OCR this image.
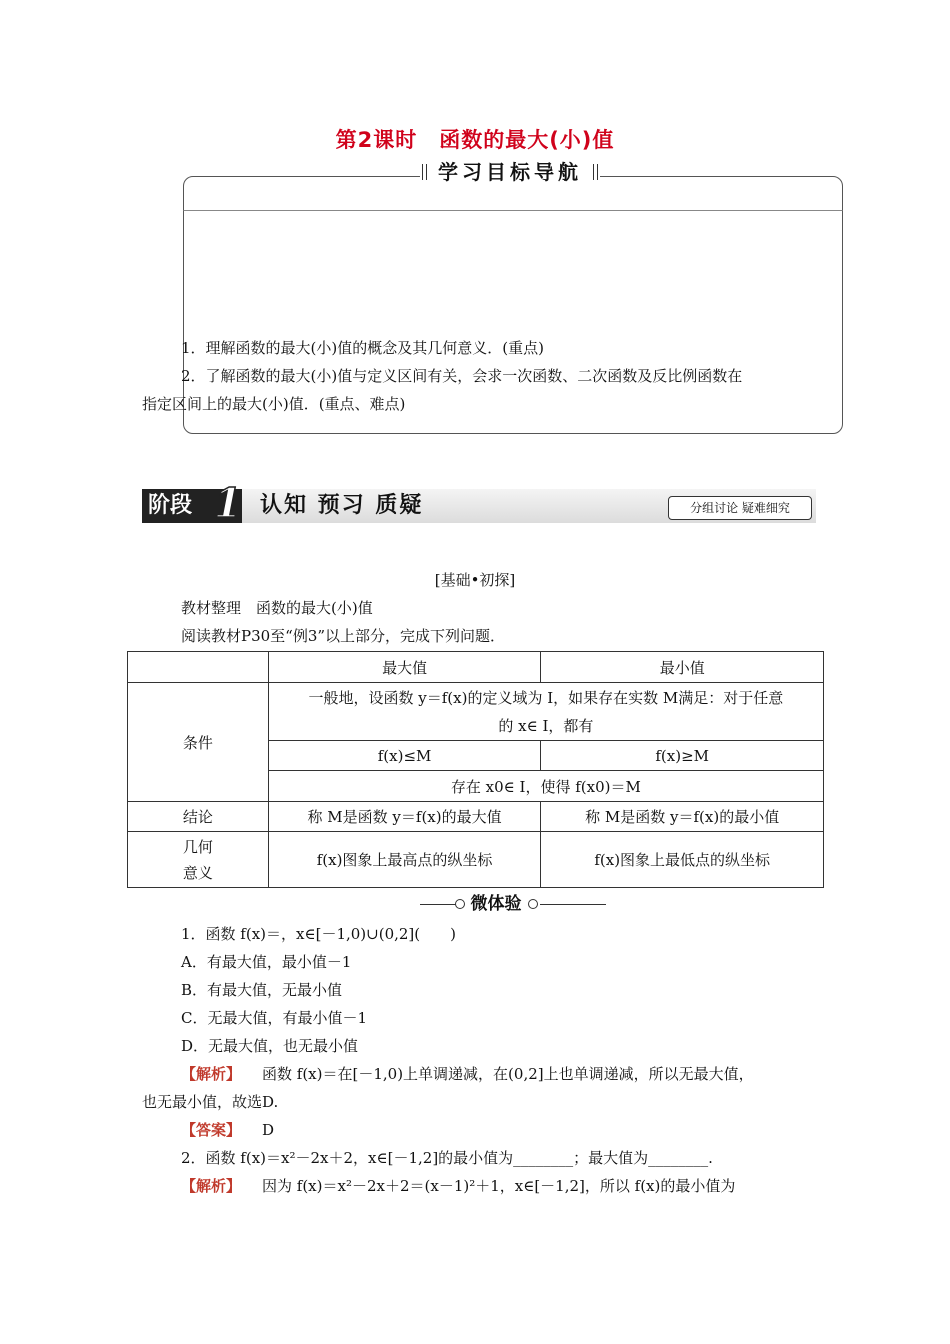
第2课时　函数的最大(小)值
学习目标导航
1．理解函数的最大(小)值的概念及其几何意义．(重点)
2．了解函数的最大(小)值与定义区间有关，会求一次函数、二次函数及反比例函数在
指定区间上的最大(小)值．(重点、难点)
阶段 1 认知 预习 质疑	分组讨论 疑难细究
[基础•初探]
教材整理　函数的最大(小)值
阅读教材P30至“例3”以上部分，完成下列问题．
	最大值	最小值
条件	一般地，设函数 y＝f(x)的定义域为 I，如果存在实数 M满足：对于任意
的 x∈ I，都有	

	f(x)≤M	f(x)≥M
	存在 x0∈ I，使得 f(x0)＝M	
结论	称 M是函数 y＝f(x)的最大值	称 M是函数 y＝f(x)的最小值

几何
意义	f(x)图象上最高点的纵坐标	f(x)图象上最低点的纵坐标
微体验
1．函数 f(x)＝，x∈[－1,0)∪(0,2](　　)
A．有最大值，最小值－1
B．有最大值，无最小值
C．无最大值，有最小值－1
D．无最大值，也无最小值
【解析】 函数 f(x)＝在[－1,0)上单调递减，在(0,2]上也单调递减，所以无最大值，
也无最小值，故选D.
【答案】 D
2．函数 f(x)＝x²－2x＋2，x∈[－1,2]的最小值为________；最大值为________.
【解析】 因为 f(x)＝x²－2x＋2＝(x－1)²＋1，x∈[－1,2]，所以 f(x)的最小值为
